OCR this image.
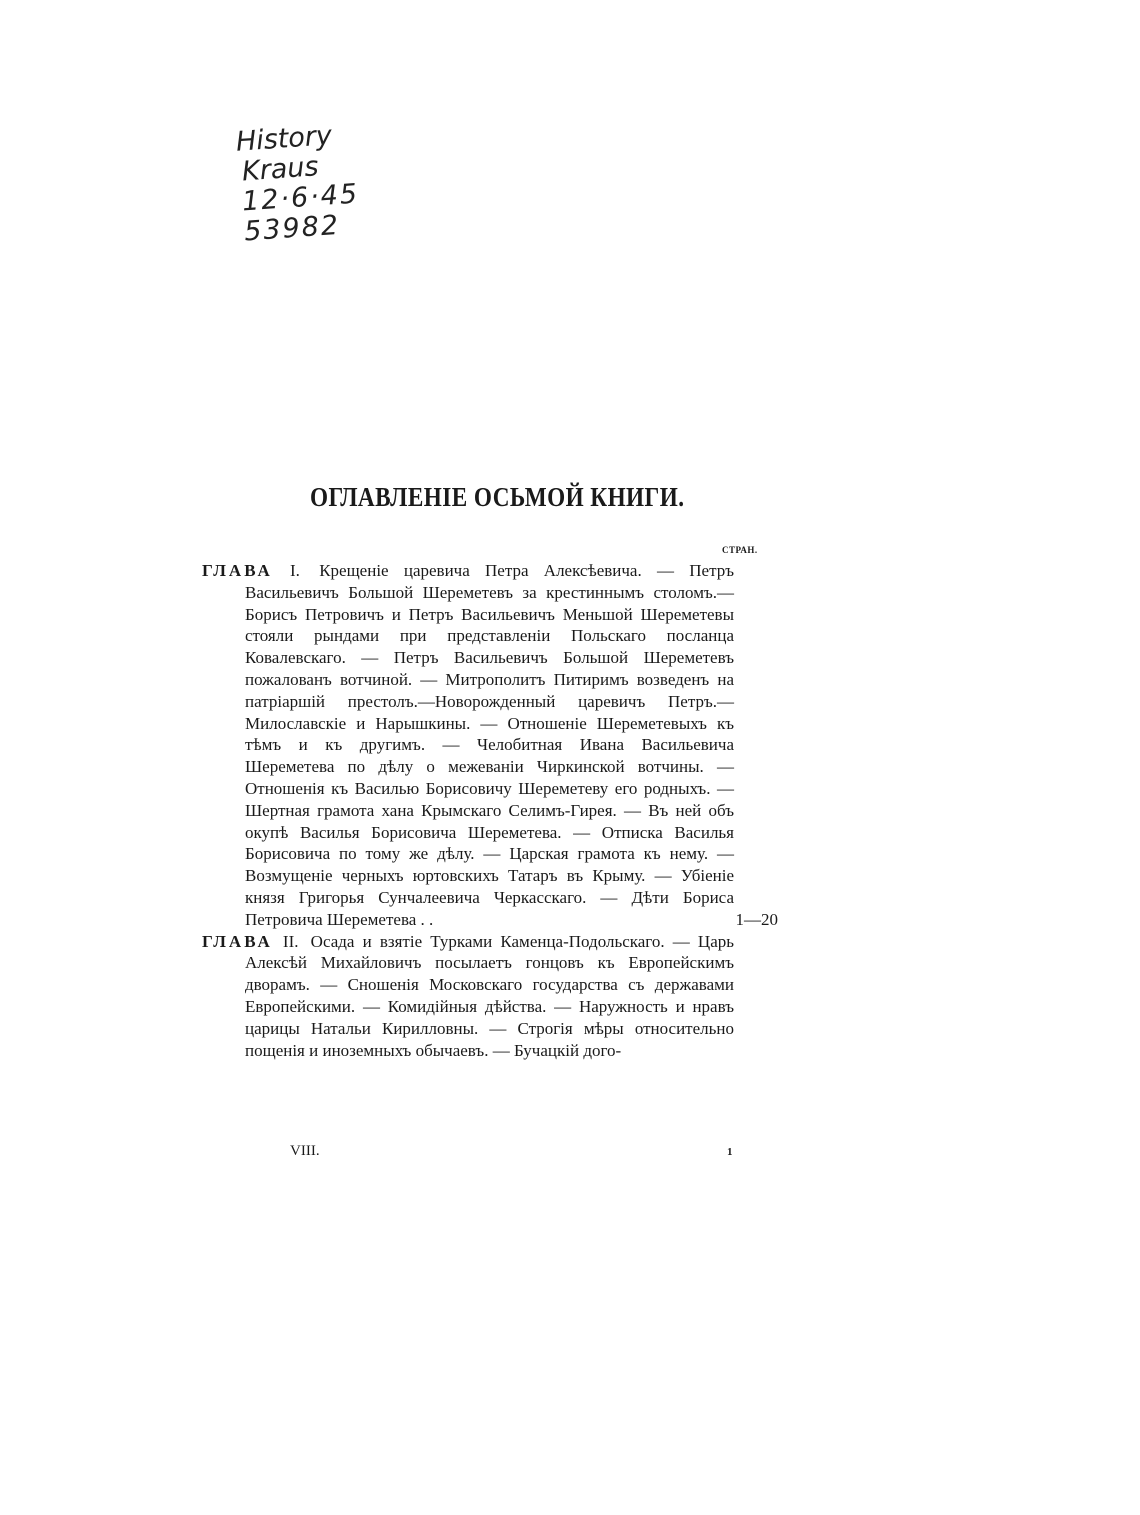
History
Kraus
12·6·45
53982
ОГЛАВЛЕНІЕ ОСЬМОЙ КНИГИ.
СТРАН.
ГЛАВА I. Крещеніе царевича Петра Алексѣевича. — Петръ Васильевичъ Большой Шереметевъ за крестиннымъ столомъ.—Борисъ Петровичъ и Петръ Васильевичъ Меньшой Шереметевы стояли рындами при представленіи Польскаго посланца Ковалевскаго. — Петръ Васильевичъ Большой Шереметевъ пожалованъ вотчиной. — Митрополитъ Питиримъ возведенъ на патріаршій престолъ.—Новорожденный царевичъ Петръ.—Милославскіе и Нарышкины. — Отношеніе Шереметевыхъ къ тѣмъ и къ другимъ. — Челобитная Ивана Васильевича Шереметева по дѣлу о межеваніи Чиркинской вотчины. — Отношенія къ Василью Борисовичу Шереметеву его родныхъ. — Шертная грамота хана Крымскаго Селимъ-Гирея. — Въ ней объ окупѣ Василья Борисовича Шереметева. — Отписка Василья Борисовича по тому же дѣлу. — Царская грамота къ нему. — Возмущеніе черныхъ юртовскихъ Татаръ въ Крыму. — Убіеніе князя Григорья Сунчалеевича Черкасскаго. — Дѣти Бориса Петровича Шереметева . .	1—20
ГЛАВА II. Осада и взятіе Турками Каменца-Подольскаго. — Царь Алексѣй Михайловичъ посылаетъ гонцовъ къ Европейскимъ дворамъ. — Сношенія Московскаго государства съ державами Европейскими. — Комидійныя дѣйства. — Наружность и нравъ царицы Натальи Кирилловны. — Строгія мѣры относительно пощенія и иноземныхъ обычаевъ. — Бучацкій дого-
VIII.	1
